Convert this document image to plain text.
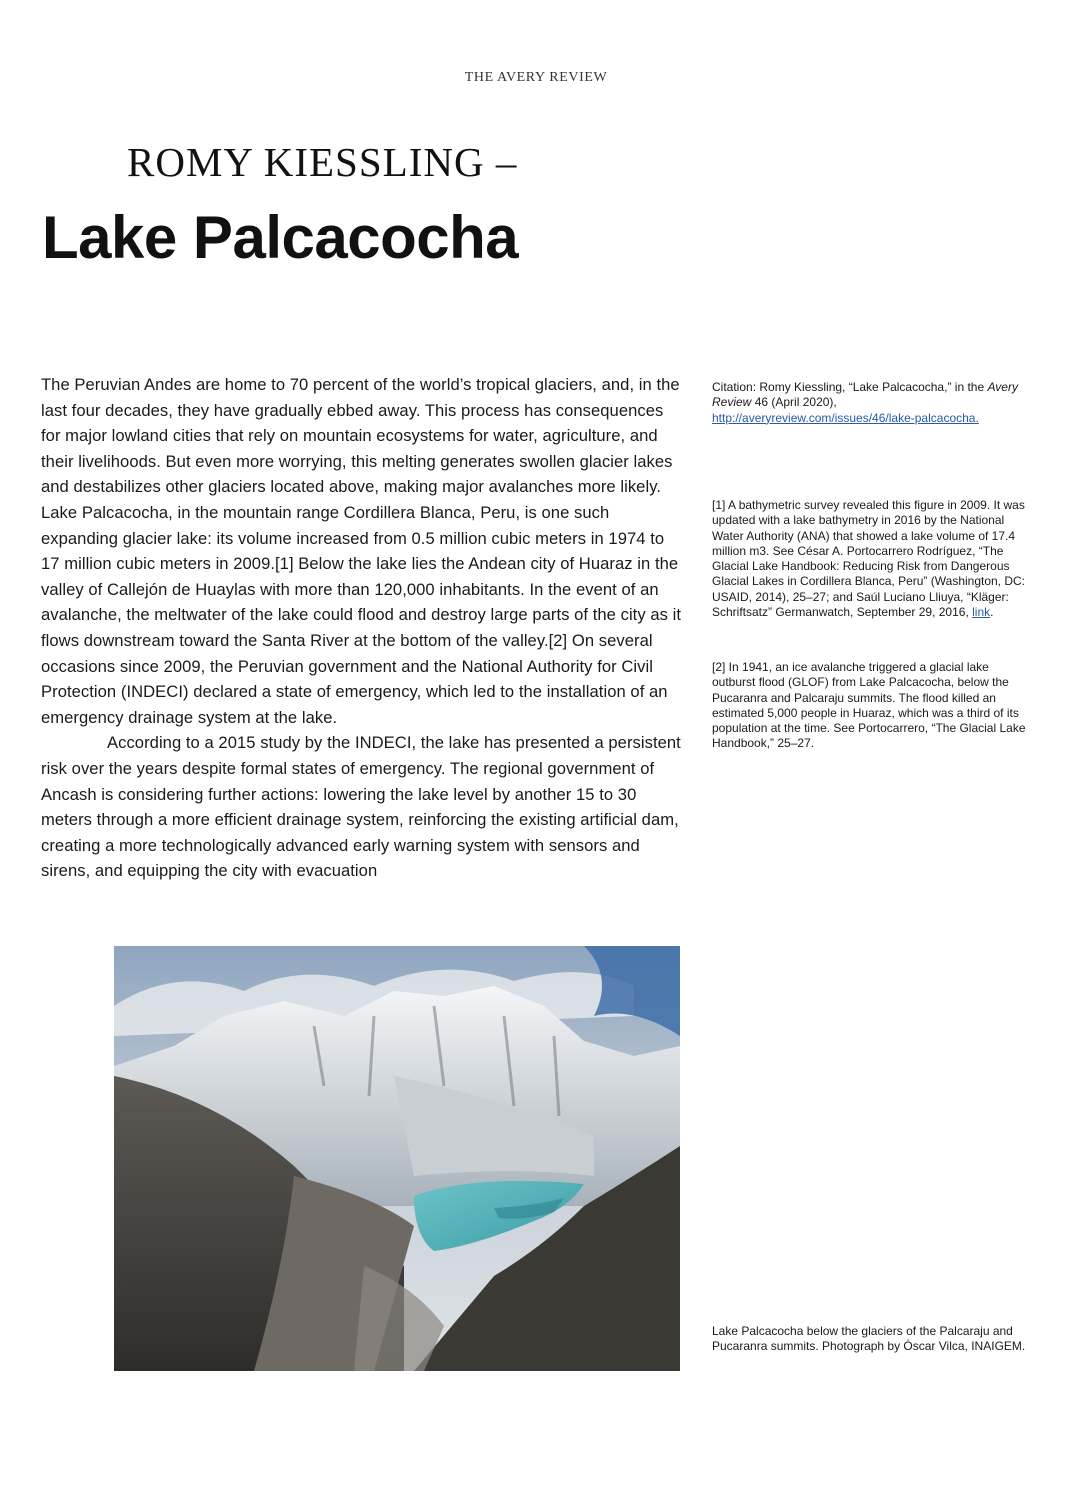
THE AVERY REVIEW
ROMY KIESSLING –
Lake Palcacocha

The Peruvian Andes are home to 70 percent of the world’s tropical glaciers, and, in the last four decades, they have gradually ebbed away. This process has consequences for major lowland cities that rely on mountain ecosystems for water, agriculture, and their livelihoods. But even more worrying, this melting generates swollen glacier lakes and destabilizes other glaciers located above, making major avalanches more likely. Lake Palcacocha, in the mountain range Cordillera Blanca, Peru, is one such expanding glacier lake: its volume increased from 0.5 million cubic meters in 1974 to 17 million cubic meters in 2009.[1] Below the lake lies the Andean city of Huaraz in the valley of Callejón de Huaylas with more than 120,000 inhabitants. In the event of an avalanche, the meltwater of the lake could flood and destroy large parts of the city as it flows downstream toward the Santa River at the bottom of the valley.[2] On several occasions since 2009, the Peruvian government and the National Authority for Civil Protection (INDECI) declared a state of emergency, which led to the installation of an emergency drainage system at the lake.

According to a 2015 study by the INDECI, the lake has presented a persistent risk over the years despite formal states of emergency. The regional government of Ancash is considering further actions: lowering the lake level by another 15 to 30 meters through a more efficient drainage system, reinforcing the existing artificial dam, creating a more technologically advanced early warning system with sensors and sirens, and equipping the city with evacuation

Citation: Romy Kiessling, “Lake Palcacocha,” in the Avery Review 46 (April 2020), http://averyreview.com/issues/46/lake-palcacocha.
[1] A bathymetric survey revealed this figure in 2009. It was updated with a lake bathymetry in 2016 by the National Water Authority (ANA) that showed a lake volume of 17.4 million m3. See César A. Portocarrero Rodríguez, “The Glacial Lake Handbook: Reducing Risk from Dangerous Glacial Lakes in Cordillera Blanca, Peru” (Washington, DC: USAID, 2014), 25–27; and Saúl Luciano Lliuya, “Kläger: Schriftsatz” Germanwatch, September 29, 2016, link.

[2] In 1941, an ice avalanche triggered a glacial lake outburst flood (GLOF) from Lake Palcacocha, below the Pucaranra and Palcaraju summits. The flood killed an estimated 5,000 people in Huaraz, which was a third of its population at the time. See Portocarrero, “The Glacial Lake Handbook,” 25–27.

Lake Palcacocha below the glaciers of the Palcaraju and Pucaranra summits. Photograph by Óscar Vilca, INAIGEM.
